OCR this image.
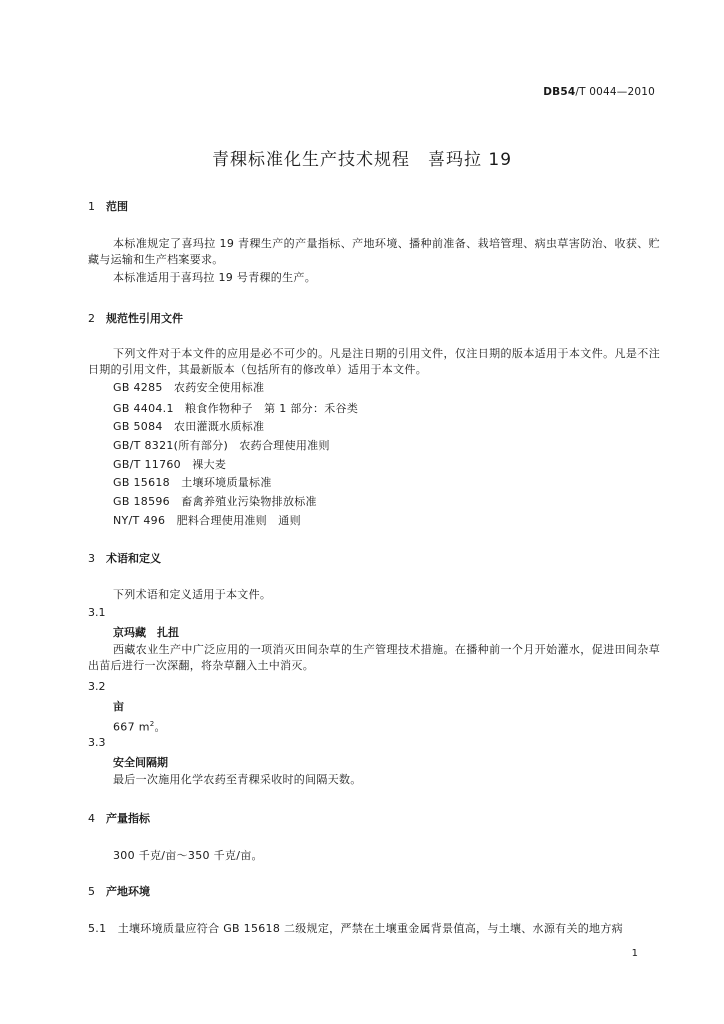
DB54/T 0044—2010
青稞标准化生产技术规程　喜玛拉 19
1 范围
本标准规定了喜玛拉 19 青稞生产的产量指标、产地环境、播种前准备、栽培管理、病虫草害防治、收获、贮藏与运输和生产档案要求。
本标准适用于喜玛拉 19 号青稞的生产。
2 规范性引用文件
下列文件对于本文件的应用是必不可少的。凡是注日期的引用文件，仅注日期的版本适用于本文件。凡是不注日期的引用文件，其最新版本（包括所有的修改单）适用于本文件。
GB 4285　农药安全使用标准
GB 4404.1　粮食作物种子　第 1 部分：禾谷类
GB 5084　农田灌溉水质标准
GB/T 8321(所有部分)　农药合理使用准则
GB/T 11760　裸大麦
GB 15618　土壤环境质量标准
GB 18596　畜禽养殖业污染物排放标准
NY/T 496　肥料合理使用准则　通则
3 术语和定义
下列术语和定义适用于本文件。
3.1
京玛藏　扎扭
西藏农业生产中广泛应用的一项消灭田间杂草的生产管理技术措施。在播种前一个月开始灌水，促进田间杂草出苗后进行一次深翻，将杂草翻入土中消灭。
3.2
亩
667 $m^2$。
3.3
安全间隔期
最后一次施用化学农药至青稞采收时的间隔天数。
4 产量指标
300 千克/亩～350 千克/亩。
5 产地环境
5.1　土壤环境质量应符合 GB 15618 二级规定，严禁在土壤重金属背景值高，与土壤、水源有关的地方病
1
